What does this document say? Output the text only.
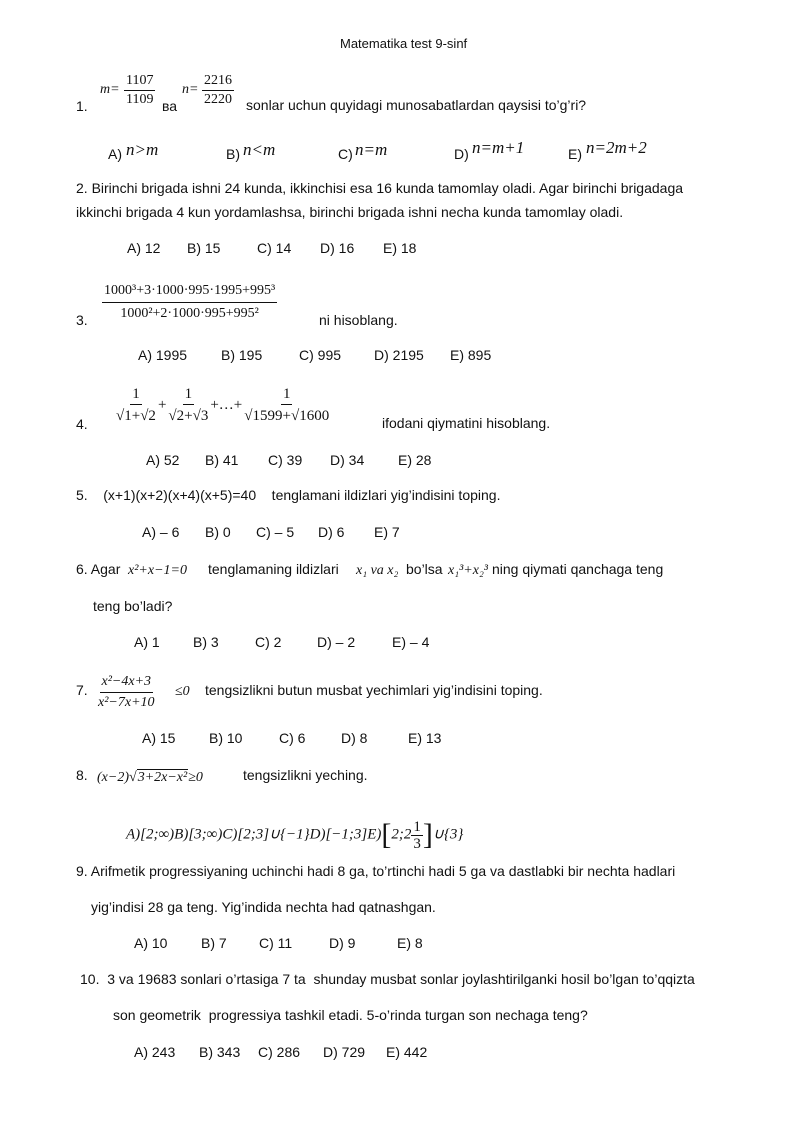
Matematika test 9-sinf
1.
$m= \frac{1107}{1109}$ ва
$n= \frac{2216}{2220}$ sonlar uchun quyidagi munosabatlardan qaysisi to’g’ri?
A) n>m	B) n<m	C) n=m	D) n=m+1	E) n=2m+2
2. Birinchi brigada ishni 24 kunda, ikkinchisi esa 16 kunda tamomlay oladi. Agar birinchi brigadaga
ikkinchi brigada 4 kun yordamlashsa, birinchi brigada ishni necha kunda tamomlay oladi.
A) 12 B) 15	C) 14 D) 16 E) 18
3. $\frac{\text{1000³+3·1000·995·1995+995³}}{\text{1000²+2·1000·995+995²}}$	ni hisoblang.
A) 1995 B) 195	C) 995 D) 2195 E) 895
4. $\frac{1}{√1+√2} + \frac{1}{√2+√3}$ +…+ $\frac{1}{√1599+√1600}$	ifodani qiymatini hisoblang.
A) 52 B) 41 C) 39 D) 34 E) 28
5.    (x+1)(x+2)(x+4)(x+5)=40    tenglamani ildizlari yig’indisini toping.
A) – 6 B) 0 C) – 5 D) 6 E) 7
6. Agar x²+x−1=0 tenglamaning ildizlari x₁ va x₂ bo’lsa x₁³+x₂³ ning qiymati qanchaga teng
teng bo’ladi?
A) 1 B) 3	C) 2	D) – 2	E) – 4
7. $\frac{\text{x²−4x+3}}{\text{x²−7x+10}} \le 0$ tengsizlikni butun musbat yechimlari yig’indisini toping.
A) 15 B) 10	C) 6	D) 8	E) 13
8. (x−2)√3+2x−x²≥0	tengsizlikni yeching.
A)[2;∞)B)[3;∞)C)[2;3]∪{−1}D)[−1;3]E)[2;2 $\frac{1}{3}$ ]∪{3}
9. Arifmetik progressiyaning uchinchi hadi 8 ga, to’rtinchi hadi 5 ga va dastlabki bir nechta hadlari
yig’indisi 28 ga teng. Yig’indida nechta had qatnashgan.
A) 10 B) 7 C) 11	D) 9	E) 8
10.  3 va 19683 sonlari o’rtasiga 7 ta  shunday musbat sonlar joylashtirilganki hosil bo’lgan to’qqizta
son geometrik  progressiya tashkil etadi. 5-o’rinda turgan son nechaga teng?
A) 243 B) 343 C) 286 D) 729 E) 442
